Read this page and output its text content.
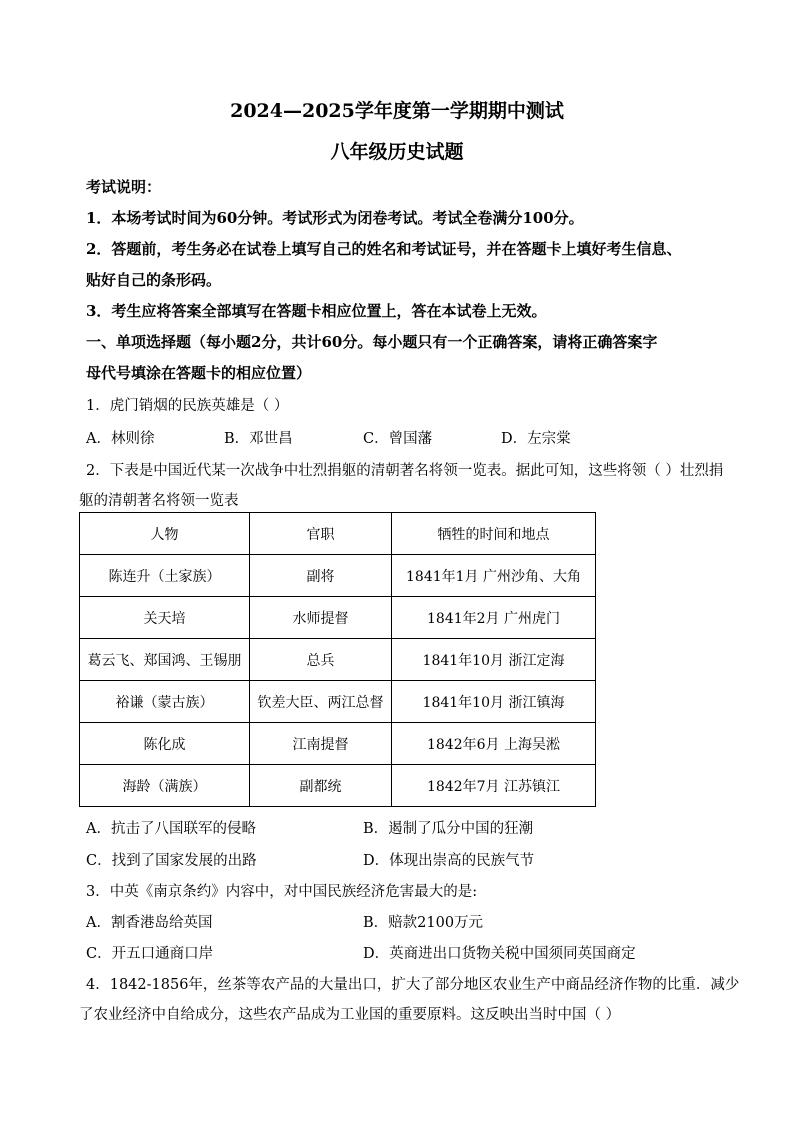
2024—2025学年度第一学期期中测试
八年级历史试题
考试说明：
1．本场考试时间为60分钟。考试形式为闭卷考试。考试全卷满分100分。
2．答题前，考生务必在试卷上填写自己的姓名和考试证号，并在答题卡上填好考生信息、
贴好自己的条形码。
3．考生应将答案全部填写在答题卡相应位置上，答在本试卷上无效。
一、单项选择题（每小题2分，共计60分。每小题只有一个正确答案，请将正确答案字
母代号填涂在答题卡的相应位置）
1．虎门销烟的民族英雄是（ ）
A．林则徐	B．邓世昌	C．曾国藩	D．左宗棠
2．下表是中国近代某一次战争中壮烈捐躯的清朝著名将领一览表。据此可知，这些将领（ ）壮烈捐
躯的清朝著名将领一览表
人物	官职	牺牲的时间和地点
陈连升（土家族）	副将	1841年1月 广州沙角、大角
关天培	水师提督	1841年2月 广州虎门
葛云飞、郑国鸿、王锡朋	总兵	1841年10月 浙江定海
裕谦（蒙古族）	钦差大臣、两江总督	1841年10月 浙江镇海
陈化成	江南提督	1842年6月 上海吴淞
海龄（满族）	副都统	1842年7月 江苏镇江
A．抗击了八国联军的侵略	B．遏制了瓜分中国的狂潮
C．找到了国家发展的出路	D．体现出崇高的民族气节
3．中英《南京条约》内容中，对中国民族经济危害最大的是:
A．割香港岛给英国	B．赔款2100万元
C．开五口通商口岸	D．英商进出口货物关税中国须同英国商定
4．1842-1856年，丝茶等农产品的大量出口，扩大了部分地区农业生产中商品经济作物的比重．减少
了农业经济中自给成分，这些农产品成为工业国的重要原料。这反映出当时中国（ ）
